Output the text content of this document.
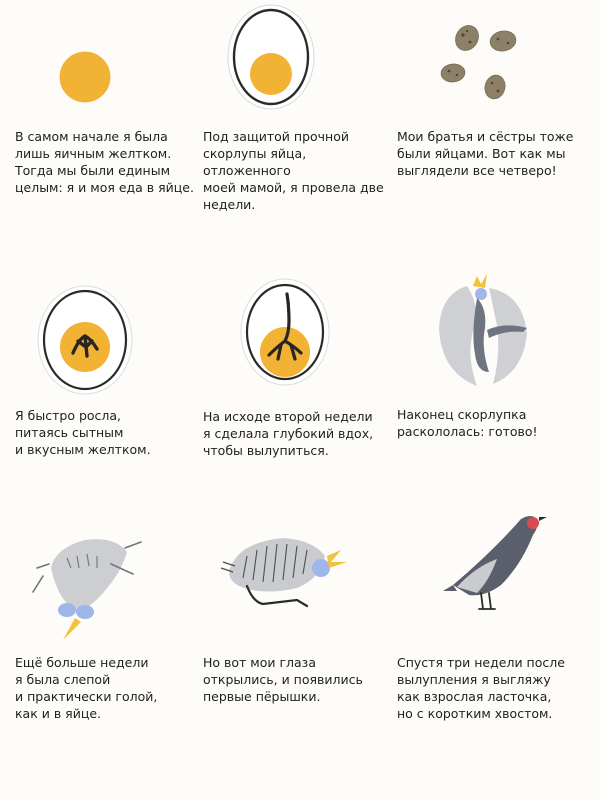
В самом начале я была
лишь яичным желтком.
Тогда мы были единым
целым: я и моя еда в яйце.
Под защитой прочной
скорлупы яйца, отложенного
моей мамой, я провела две
недели.
Мои братья и сёстры тоже
были яйцами. Вот как мы
выглядели все четверо!
Я быстро росла,
питаясь сытным
и вкусным желтком.
На исходе второй недели
я сделала глубокий вдох,
чтобы вылупиться.
Наконец скорлупка
раскололась: готово!
Ещё больше недели
я была слепой
и практически голой,
как и в яйце.
Но вот мои глаза
открылись, и появились
первые пёрышки.
Спустя три недели после
вылупления я выгляжу
как взрослая ласточка,
но с коротким хвостом.
